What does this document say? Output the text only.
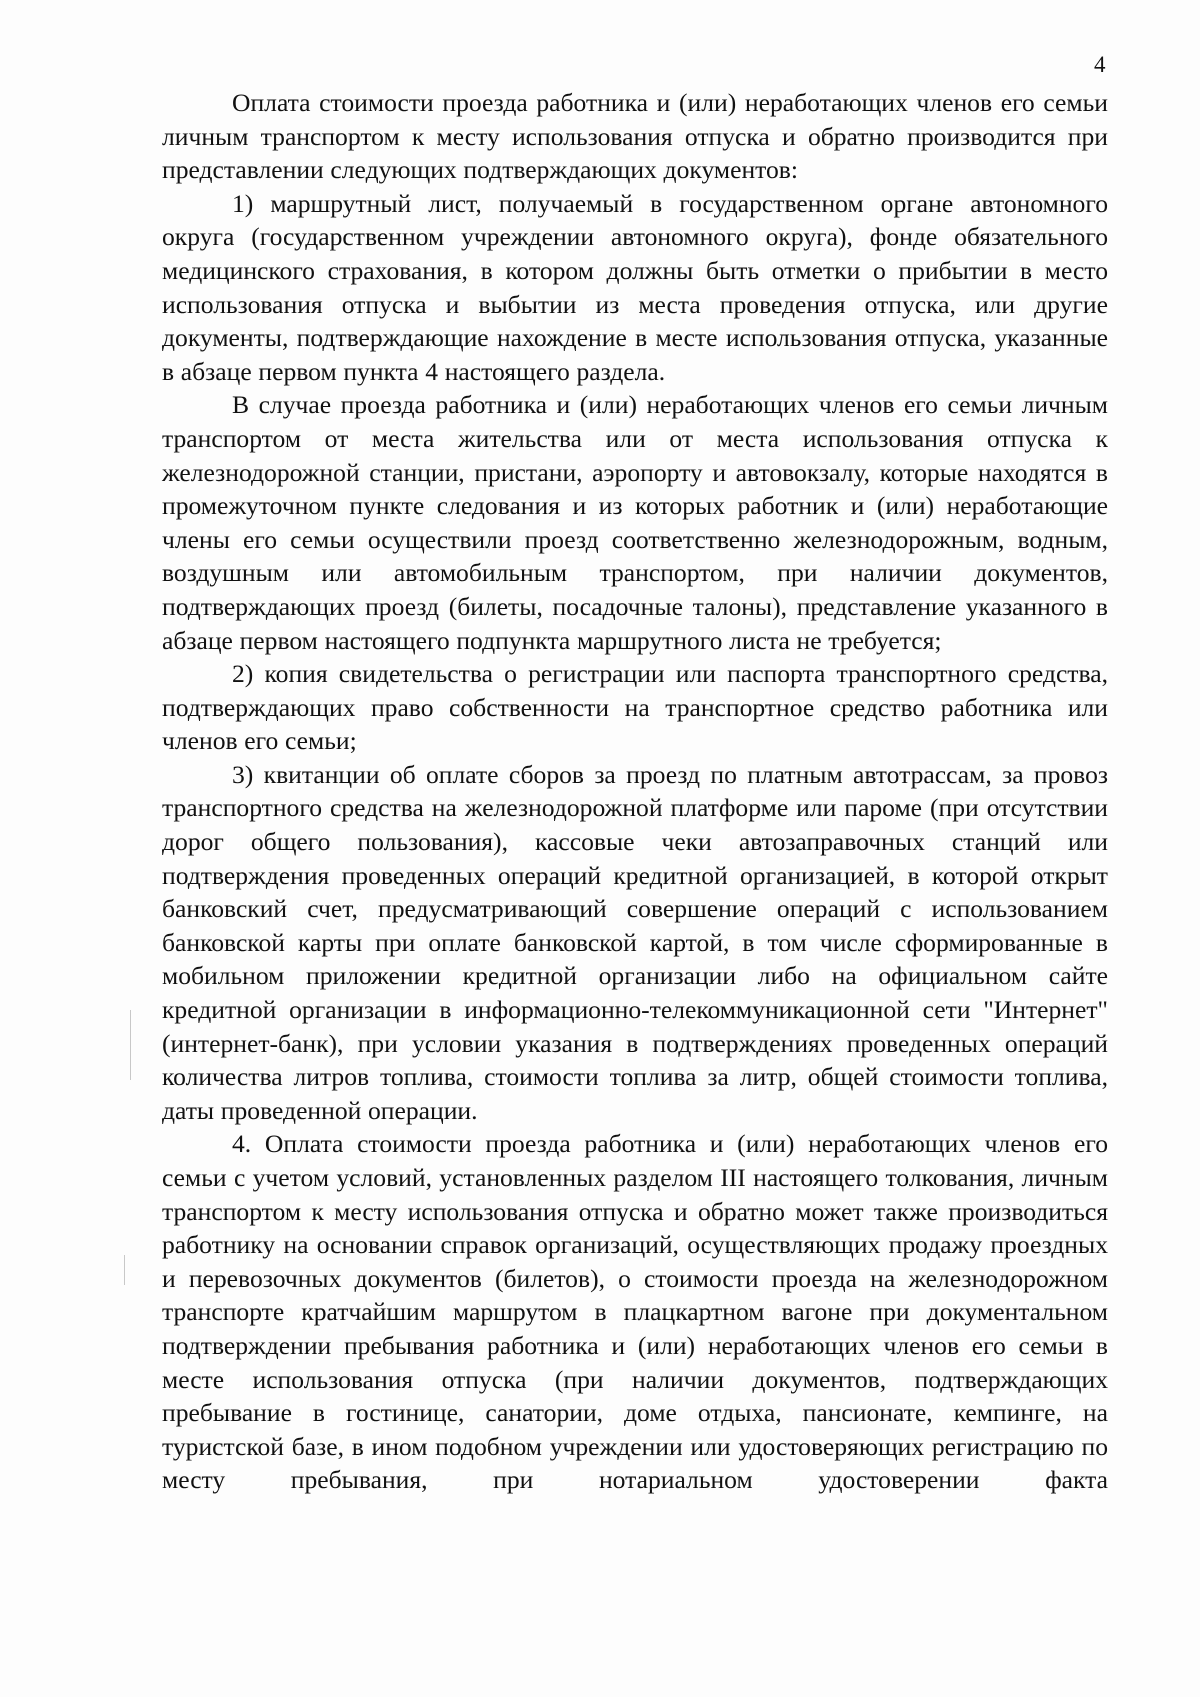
4

Оплата стоимости проезда работника и (или) неработающих членов его семьи личным транспортом к месту использования отпуска и обратно производится при представлении следующих подтверждающих документов:

1) маршрутный лист, получаемый в государственном органе автономного округа (государственном учреждении автономного округа), фонде обязательного медицинского страхования, в котором должны быть отметки о прибытии в место использования отпуска и выбытии из места проведения отпуска, или другие документы, подтверждающие нахождение в месте использования отпуска, указанные в абзаце первом пункта 4 настоящего раздела.

В случае проезда работника и (или) неработающих членов его семьи личным транспортом от места жительства или от места использования отпуска к железнодорожной станции, пристани, аэропорту и автовокзалу, которые находятся в промежуточном пункте следования и из которых работник и (или) неработающие члены его семьи осуществили проезд соответственно железнодорожным, водным, воздушным или автомобильным транспортом, при наличии документов, подтверждающих проезд (билеты, посадочные талоны), представление указанного в абзаце первом настоящего подпункта маршрутного листа не требуется;

2) копия свидетельства о регистрации или паспорта транспортного средства, подтверждающих право собственности на транспортное средство работника или членов его семьи;

3) квитанции об оплате сборов за проезд по платным автотрассам, за провоз транспортного средства на железнодорожной платформе или пароме (при отсутствии дорог общего пользования), кассовые чеки автозаправочных станций или подтверждения проведенных операций кредитной организацией, в которой открыт банковский счет, предусматривающий совершение операций с использованием банковской карты при оплате банковской картой, в том числе сформированные в мобильном приложении кредитной организации либо на официальном сайте кредитной организации в информационно-телекоммуникационной сети "Интернет" (интернет-банк), при условии указания в подтверждениях проведенных операций количества литров топлива, стоимости топлива за литр, общей стоимости топлива, даты проведенной операции.

4. Оплата стоимости проезда работника и (или) неработающих членов его семьи с учетом условий, установленных разделом III настоящего толкования, личным транспортом к месту использования отпуска и обратно может также производиться работнику на основании справок организаций, осуществляющих продажу проездных и перевозочных документов (билетов), о стоимости проезда на железнодорожном транспорте кратчайшим маршрутом в плацкартном вагоне при документальном подтверждении пребывания работника и (или) неработающих членов его семьи в месте использования отпуска (при наличии документов, подтверждающих пребывание в гостинице, санатории, доме отдыха, пансионате, кемпинге, на туристской базе, в ином подобном учреждении или удостоверяющих регистрацию по месту пребывания, при нотариальном удостоверении факта
